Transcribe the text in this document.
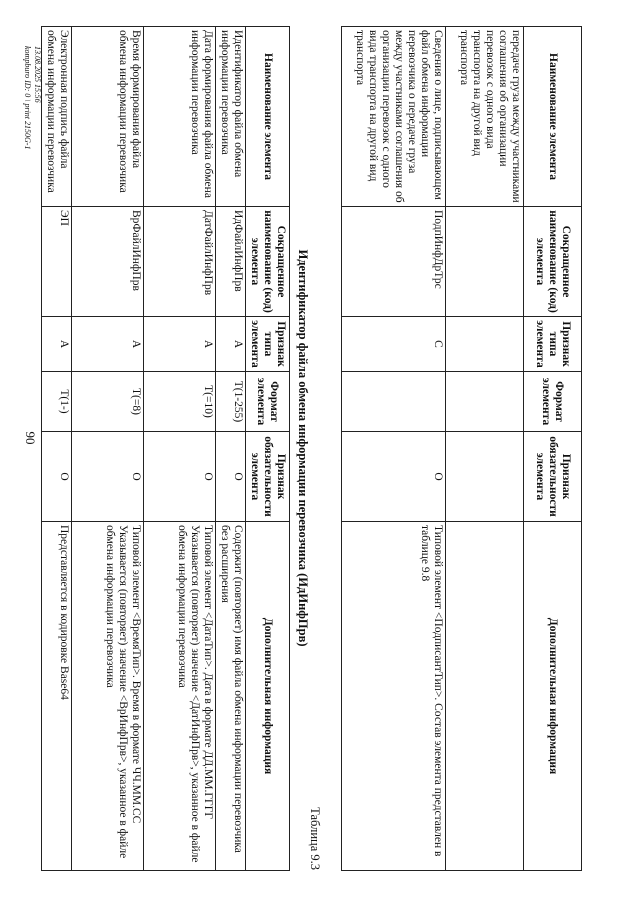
90
Наименование элемента	Сокращенное наименование (код) элемента	Признак типа элемента	Формат элемента	Признак обязательности элемента	Дополнительная информация
передаче груза между участниками соглашения об организации перевозок с одного вида транспорта на другой вид транспорта					
Сведения о лице, подписывающем файл обмена информации перевозчика о передаче груза между участниками соглашения об организации перевозок с одного вида транспорта на другой вид транспорта	ПодпИнфДрТрс	С		О	Типовой элемент <ПодписантТип>. Состав элемента представлен в таблице 9.8
Таблица 9.3
Идентификатор файла обмена информации перевозчика (ИдИнфПрв)
Наименование элемента	Сокращенное наименование (код) элемента	Признак типа элемента	Формат элемента	Признак обязательности элемента	Дополнительная информация
Идентификатор файла обмена информации перевозчика	ИдФайлИнфПрв	А	Т(1-255)	О	Содержит (повторяет) имя файла обмена информации перевозчика без расширения
Дата формирования файла обмена информации перевозчика	ДатФайлИнфПрв	А	Т(=10)	О	Типовой элемент <ДатаТип>. Дата в формате ДД.ММ.ГГГГ Указывается (повторяет) значение <ДатИнфПрв>, указанное в файле обмена информации перевозчика
Время формирования файла обмена информации перевозчика	ВрФайлИнфПрв	А	Т(=8)	О	Типовой элемент <ВремяТип>. Время в формате ЧЧ.ММ.СС Указывается (повторяет) значение <ВрИнфПрв>, указанное в файле обмена информации перевозчика
Электронная подпись файла обмена информации перевозчика	ЭП	А	Т(1-)	О	Представляется в кодировке Base64
13.08.2025 15:56
kompburo ID: 0 \ print 2150G-1
